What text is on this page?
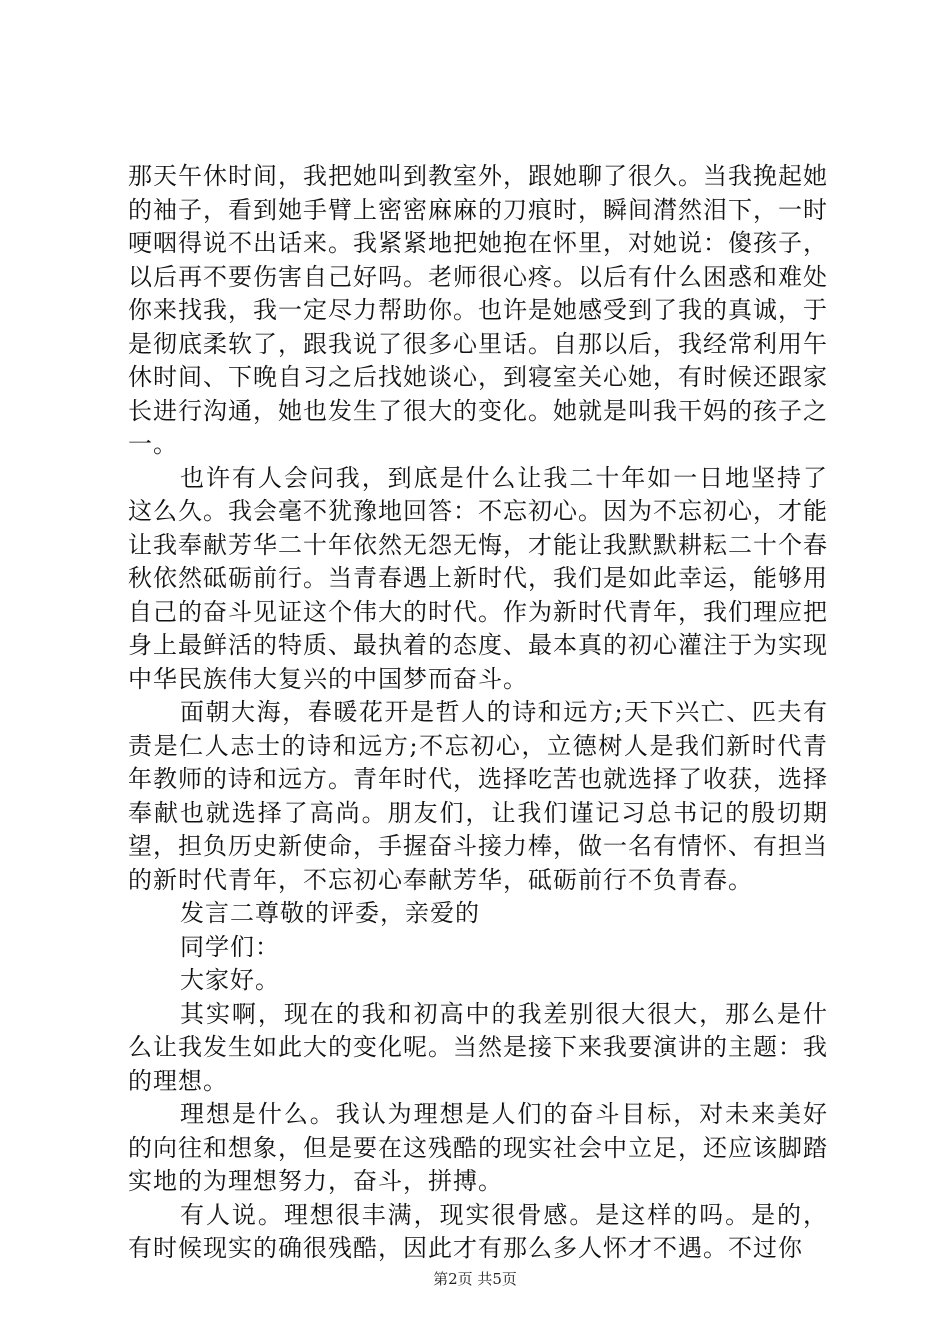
那天午休时间，我把她叫到教室外，跟她聊了很久。当我挽起她的袖子，看到她手臂上密密麻麻的刀痕时，瞬间潸然泪下，一时哽咽得说不出话来。我紧紧地把她抱在怀里，对她说：傻孩子，以后再不要伤害自己好吗。老师很心疼。以后有什么困惑和难处你来找我，我一定尽力帮助你。也许是她感受到了我的真诚，于是彻底柔软了，跟我说了很多心里话。自那以后，我经常利用午休时间、下晚自习之后找她谈心，到寝室关心她，有时候还跟家长进行沟通，她也发生了很大的变化。她就是叫我干妈的孩子之一。

也许有人会问我，到底是什么让我二十年如一日地坚持了这么久。我会毫不犹豫地回答：不忘初心。因为不忘初心，才能让我奉献芳华二十年依然无怨无悔，才能让我默默耕耘二十个春秋依然砥砺前行。当青春遇上新时代，我们是如此幸运，能够用自己的奋斗见证这个伟大的时代。作为新时代青年，我们理应把身上最鲜活的特质、最执着的态度、最本真的初心灌注于为实现中华民族伟大复兴的中国梦而奋斗。

面朝大海，春暖花开是哲人的诗和远方;天下兴亡、匹夫有责是仁人志士的诗和远方;不忘初心，立德树人是我们新时代青年教师的诗和远方。青年时代，选择吃苦也就选择了收获，选择奉献也就选择了高尚。朋友们，让我们谨记习总书记的殷切期望，担负历史新使命，手握奋斗接力棒，做一名有情怀、有担当的新时代青年，不忘初心奉献芳华，砥砺前行不负青春。

发言二尊敬的评委，亲爱的

同学们：

大家好。

其实啊，现在的我和初高中的我差别很大很大，那么是什么让我发生如此大的变化呢。当然是接下来我要演讲的主题：我的理想。

理想是什么。我认为理想是人们的奋斗目标，对未来美好的向往和想象，但是要在这残酷的现实社会中立足，还应该脚踏实地的为理想努力，奋斗，拼搏。

有人说。理想很丰满，现实很骨感。是这样的吗。是的，有时候现实的确很残酷，因此才有那么多人怀才不遇。不过你

第2页 共5页
